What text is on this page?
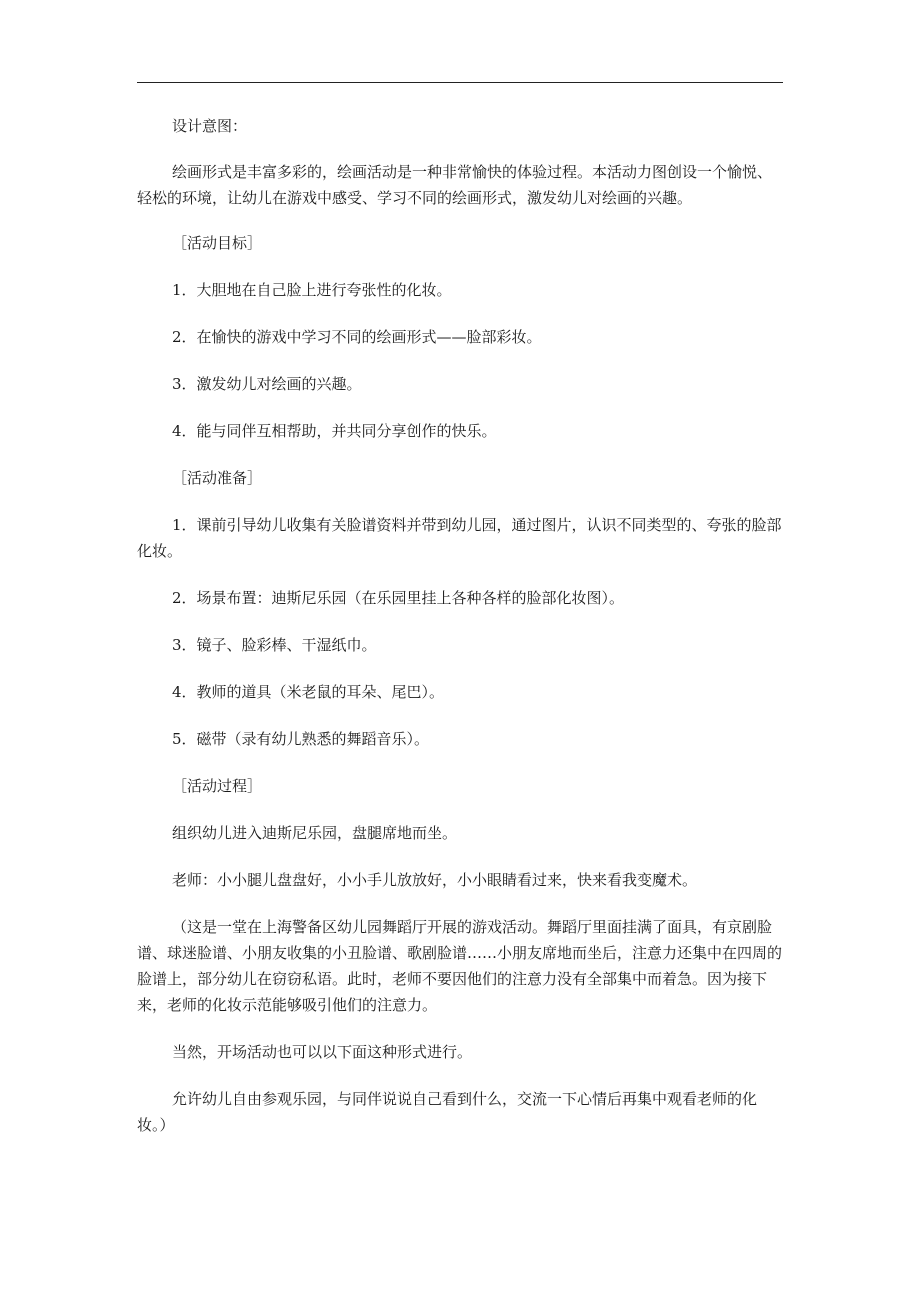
设计意图：

绘画形式是丰富多彩的，绘画活动是一种非常愉快的体验过程。本活动力图创设一个愉悦、轻松的环境，让幼儿在游戏中感受、学习不同的绘画形式，激发幼儿对绘画的兴趣。

［活动目标］

1．大胆地在自己脸上进行夸张性的化妆。

2．在愉快的游戏中学习不同的绘画形式——脸部彩妆。

3．激发幼儿对绘画的兴趣。

4．能与同伴互相帮助，并共同分享创作的快乐。

［活动准备］

1．课前引导幼儿收集有关脸谱资料并带到幼儿园，通过图片，认识不同类型的、夸张的脸部化妆。

2．场景布置：迪斯尼乐园（在乐园里挂上各种各样的脸部化妆图）。

3．镜子、脸彩棒、干湿纸巾。

4．教师的道具（米老鼠的耳朵、尾巴）。

5．磁带（录有幼儿熟悉的舞蹈音乐）。

［活动过程］

组织幼儿进入迪斯尼乐园，盘腿席地而坐。

老师：小小腿儿盘盘好，小小手儿放放好，小小眼睛看过来，快来看我变魔术。

（这是一堂在上海警备区幼儿园舞蹈厅开展的游戏活动。舞蹈厅里面挂满了面具，有京剧脸谱、球迷脸谱、小朋友收集的小丑脸谱、歌剧脸谱……小朋友席地而坐后，注意力还集中在四周的脸谱上，部分幼儿在窃窃私语。此时，老师不要因他们的注意力没有全部集中而着急。因为接下来，老师的化妆示范能够吸引他们的注意力。

当然，开场活动也可以以下面这种形式进行。

允许幼儿自由参观乐园，与同伴说说自己看到什么，交流一下心情后再集中观看老师的化妆。）
